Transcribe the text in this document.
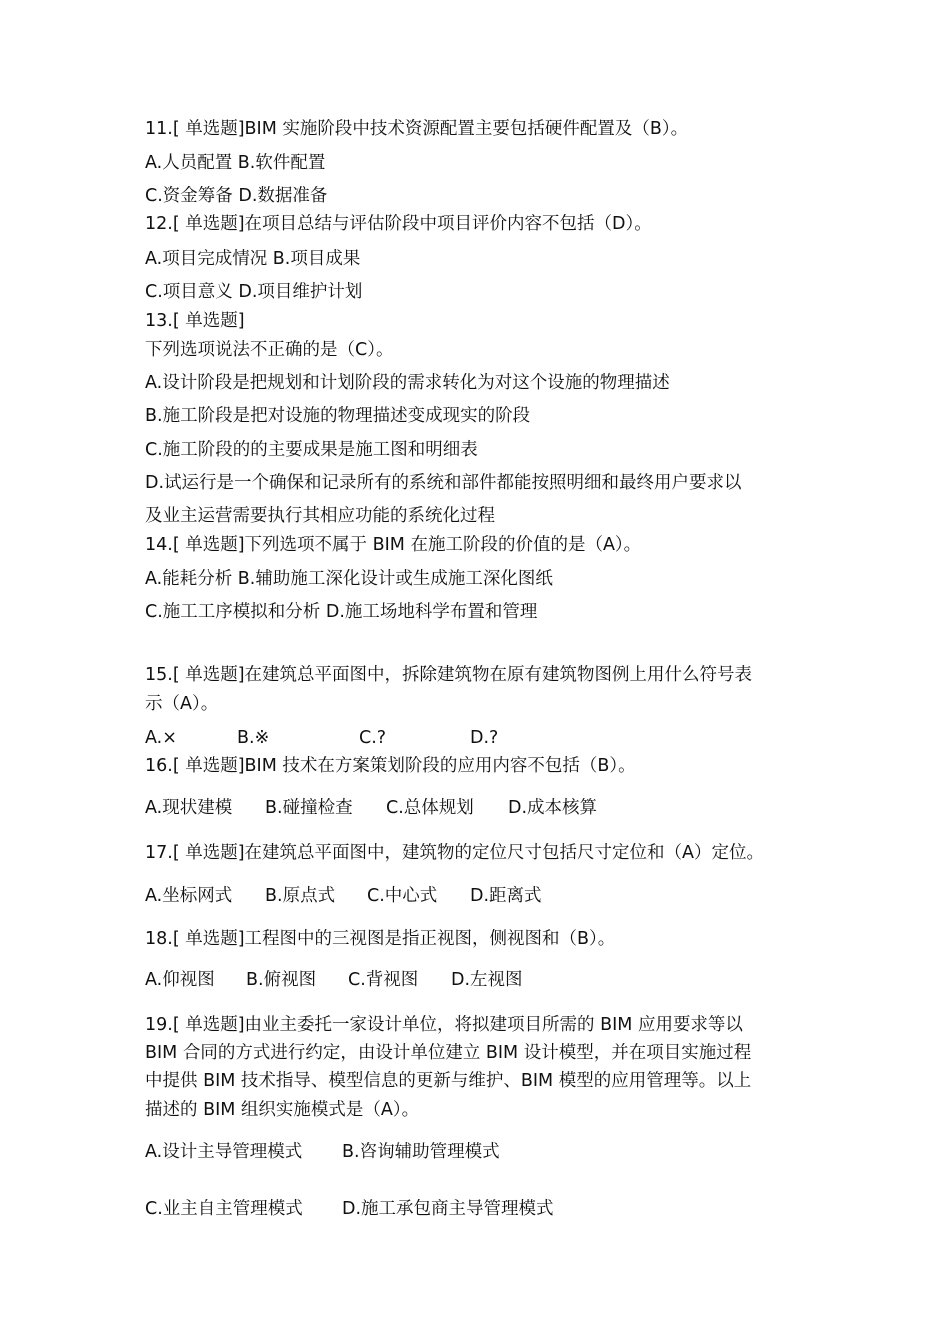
11.[ 单选题]BIM 实施阶段中技术资源配置主要包括硬件配置及（B）。
A.人员配置 B.软件配置
C.资金筹备 D.数据准备
12.[ 单选题]在项目总结与评估阶段中项目评价内容不包括（D）。
A.项目完成情况 B.项目成果
C.项目意义 D.项目维护计划
13.[ 单选题]
下列选项说法不正确的是（C）。
A.设计阶段是把规划和计划阶段的需求转化为对这个设施的物理描述
B.施工阶段是把对设施的物理描述变成现实的阶段
C.施工阶段的的主要成果是施工图和明细表
D.试运行是一个确保和记录所有的系统和部件都能按照明细和最终用户要求以
及业主运营需要执行其相应功能的系统化过程
14.[ 单选题]下列选项不属于 BIM 在施工阶段的价值的是（A）。
A.能耗分析 B.辅助施工深化设计或生成施工深化图纸
C.施工工序模拟和分析 D.施工场地科学布置和管理
15.[ 单选题]在建筑总平面图中，拆除建筑物在原有建筑物图例上用什么符号表
示（A）。
A.×	B.※	C.?	D.?
16.[ 单选题]BIM 技术在方案策划阶段的应用内容不包括（B）。
A.现状建模 B.碰撞检查 C.总体规划 D.成本核算
17.[ 单选题]在建筑总平面图中，建筑物的定位尺寸包括尺寸定位和（A）定位。
A.坐标网式 B.原点式 C.中心式 D.距离式
18.[ 单选题]工程图中的三视图是指正视图，侧视图和（B）。
A.仰视图 B.俯视图 C.背视图 D.左视图
19.[ 单选题]由业主委托一家设计单位，将拟建项目所需的 BIM 应用要求等以
BIM 合同的方式进行约定，由设计单位建立 BIM 设计模型，并在项目实施过程
中提供 BIM 技术指导、模型信息的更新与维护、BIM 模型的应用管理等。以上
描述的 BIM 组织实施模式是（A）。
A.设计主导管理模式 B.咨询辅助管理模式
C.业主自主管理模式 D.施工承包商主导管理模式
